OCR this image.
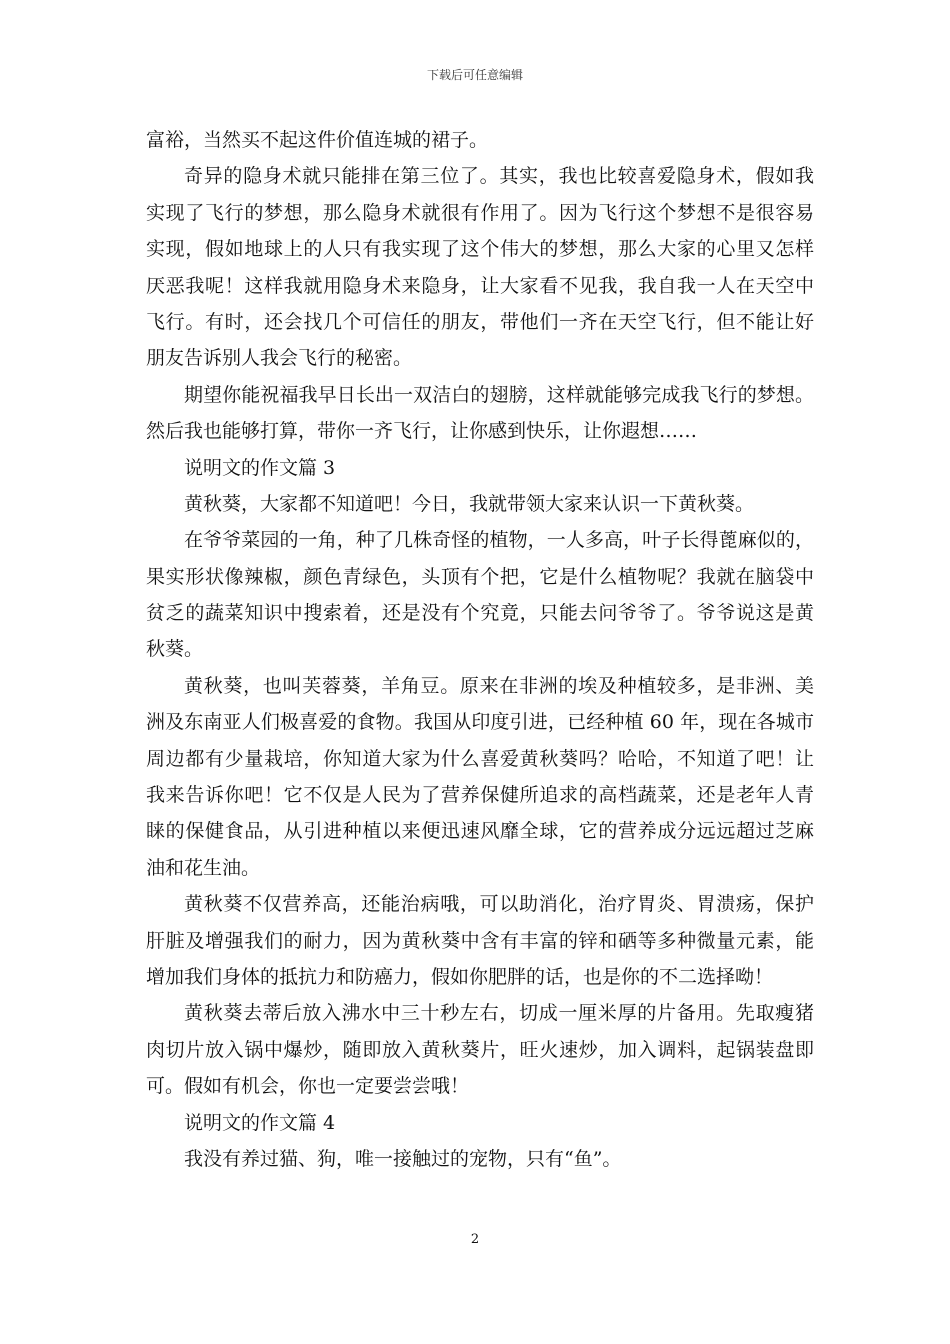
下载后可任意编辑
富裕，当然买不起这件价值连城的裙子。
奇异的隐身术就只能排在第三位了。其实，我也比较喜爱隐身术，假如我
实现了飞行的梦想，那么隐身术就很有作用了。因为飞行这个梦想不是很容易
实现，假如地球上的人只有我实现了这个伟大的梦想，那么大家的心里又怎样
厌恶我呢！这样我就用隐身术来隐身，让大家看不见我，我自我一人在天空中
飞行。有时，还会找几个可信任的朋友，带他们一齐在天空飞行，但不能让好
朋友告诉别人我会飞行的秘密。
期望你能祝福我早日长出一双洁白的翅膀，这样就能够完成我飞行的梦想。
然后我也能够打算，带你一齐飞行，让你感到快乐，让你遐想……
说明文的作文篇 3
黄秋葵，大家都不知道吧！今日，我就带领大家来认识一下黄秋葵。
在爷爷菜园的一角，种了几株奇怪的植物，一人多高，叶子长得蓖麻似的，
果实形状像辣椒，颜色青绿色，头顶有个把，它是什么植物呢？我就在脑袋中
贫乏的蔬菜知识中搜索着，还是没有个究竟，只能去问爷爷了。爷爷说这是黄
秋葵。
黄秋葵，也叫芙蓉葵，羊角豆。原来在非洲的埃及种植较多，是非洲、美
洲及东南亚人们极喜爱的食物。我国从印度引进，已经种植 60 年，现在各城市
周边都有少量栽培，你知道大家为什么喜爱黄秋葵吗？哈哈，不知道了吧！让
我来告诉你吧！它不仅是人民为了营养保健所追求的高档蔬菜，还是老年人青
睐的保健食品，从引进种植以来便迅速风靡全球，它的营养成分远远超过芝麻
油和花生油。
黄秋葵不仅营养高，还能治病哦，可以助消化，治疗胃炎、胃溃疡，保护
肝脏及增强我们的耐力，因为黄秋葵中含有丰富的锌和硒等多种微量元素，能
增加我们身体的抵抗力和防癌力，假如你肥胖的话，也是你的不二选择呦！
黄秋葵去蒂后放入沸水中三十秒左右，切成一厘米厚的片备用。先取瘦猪
肉切片放入锅中爆炒，随即放入黄秋葵片，旺火速炒，加入调料，起锅装盘即
可。假如有机会，你也一定要尝尝哦！
说明文的作文篇 4
我没有养过猫、狗，唯一接触过的宠物，只有“鱼”。
2
